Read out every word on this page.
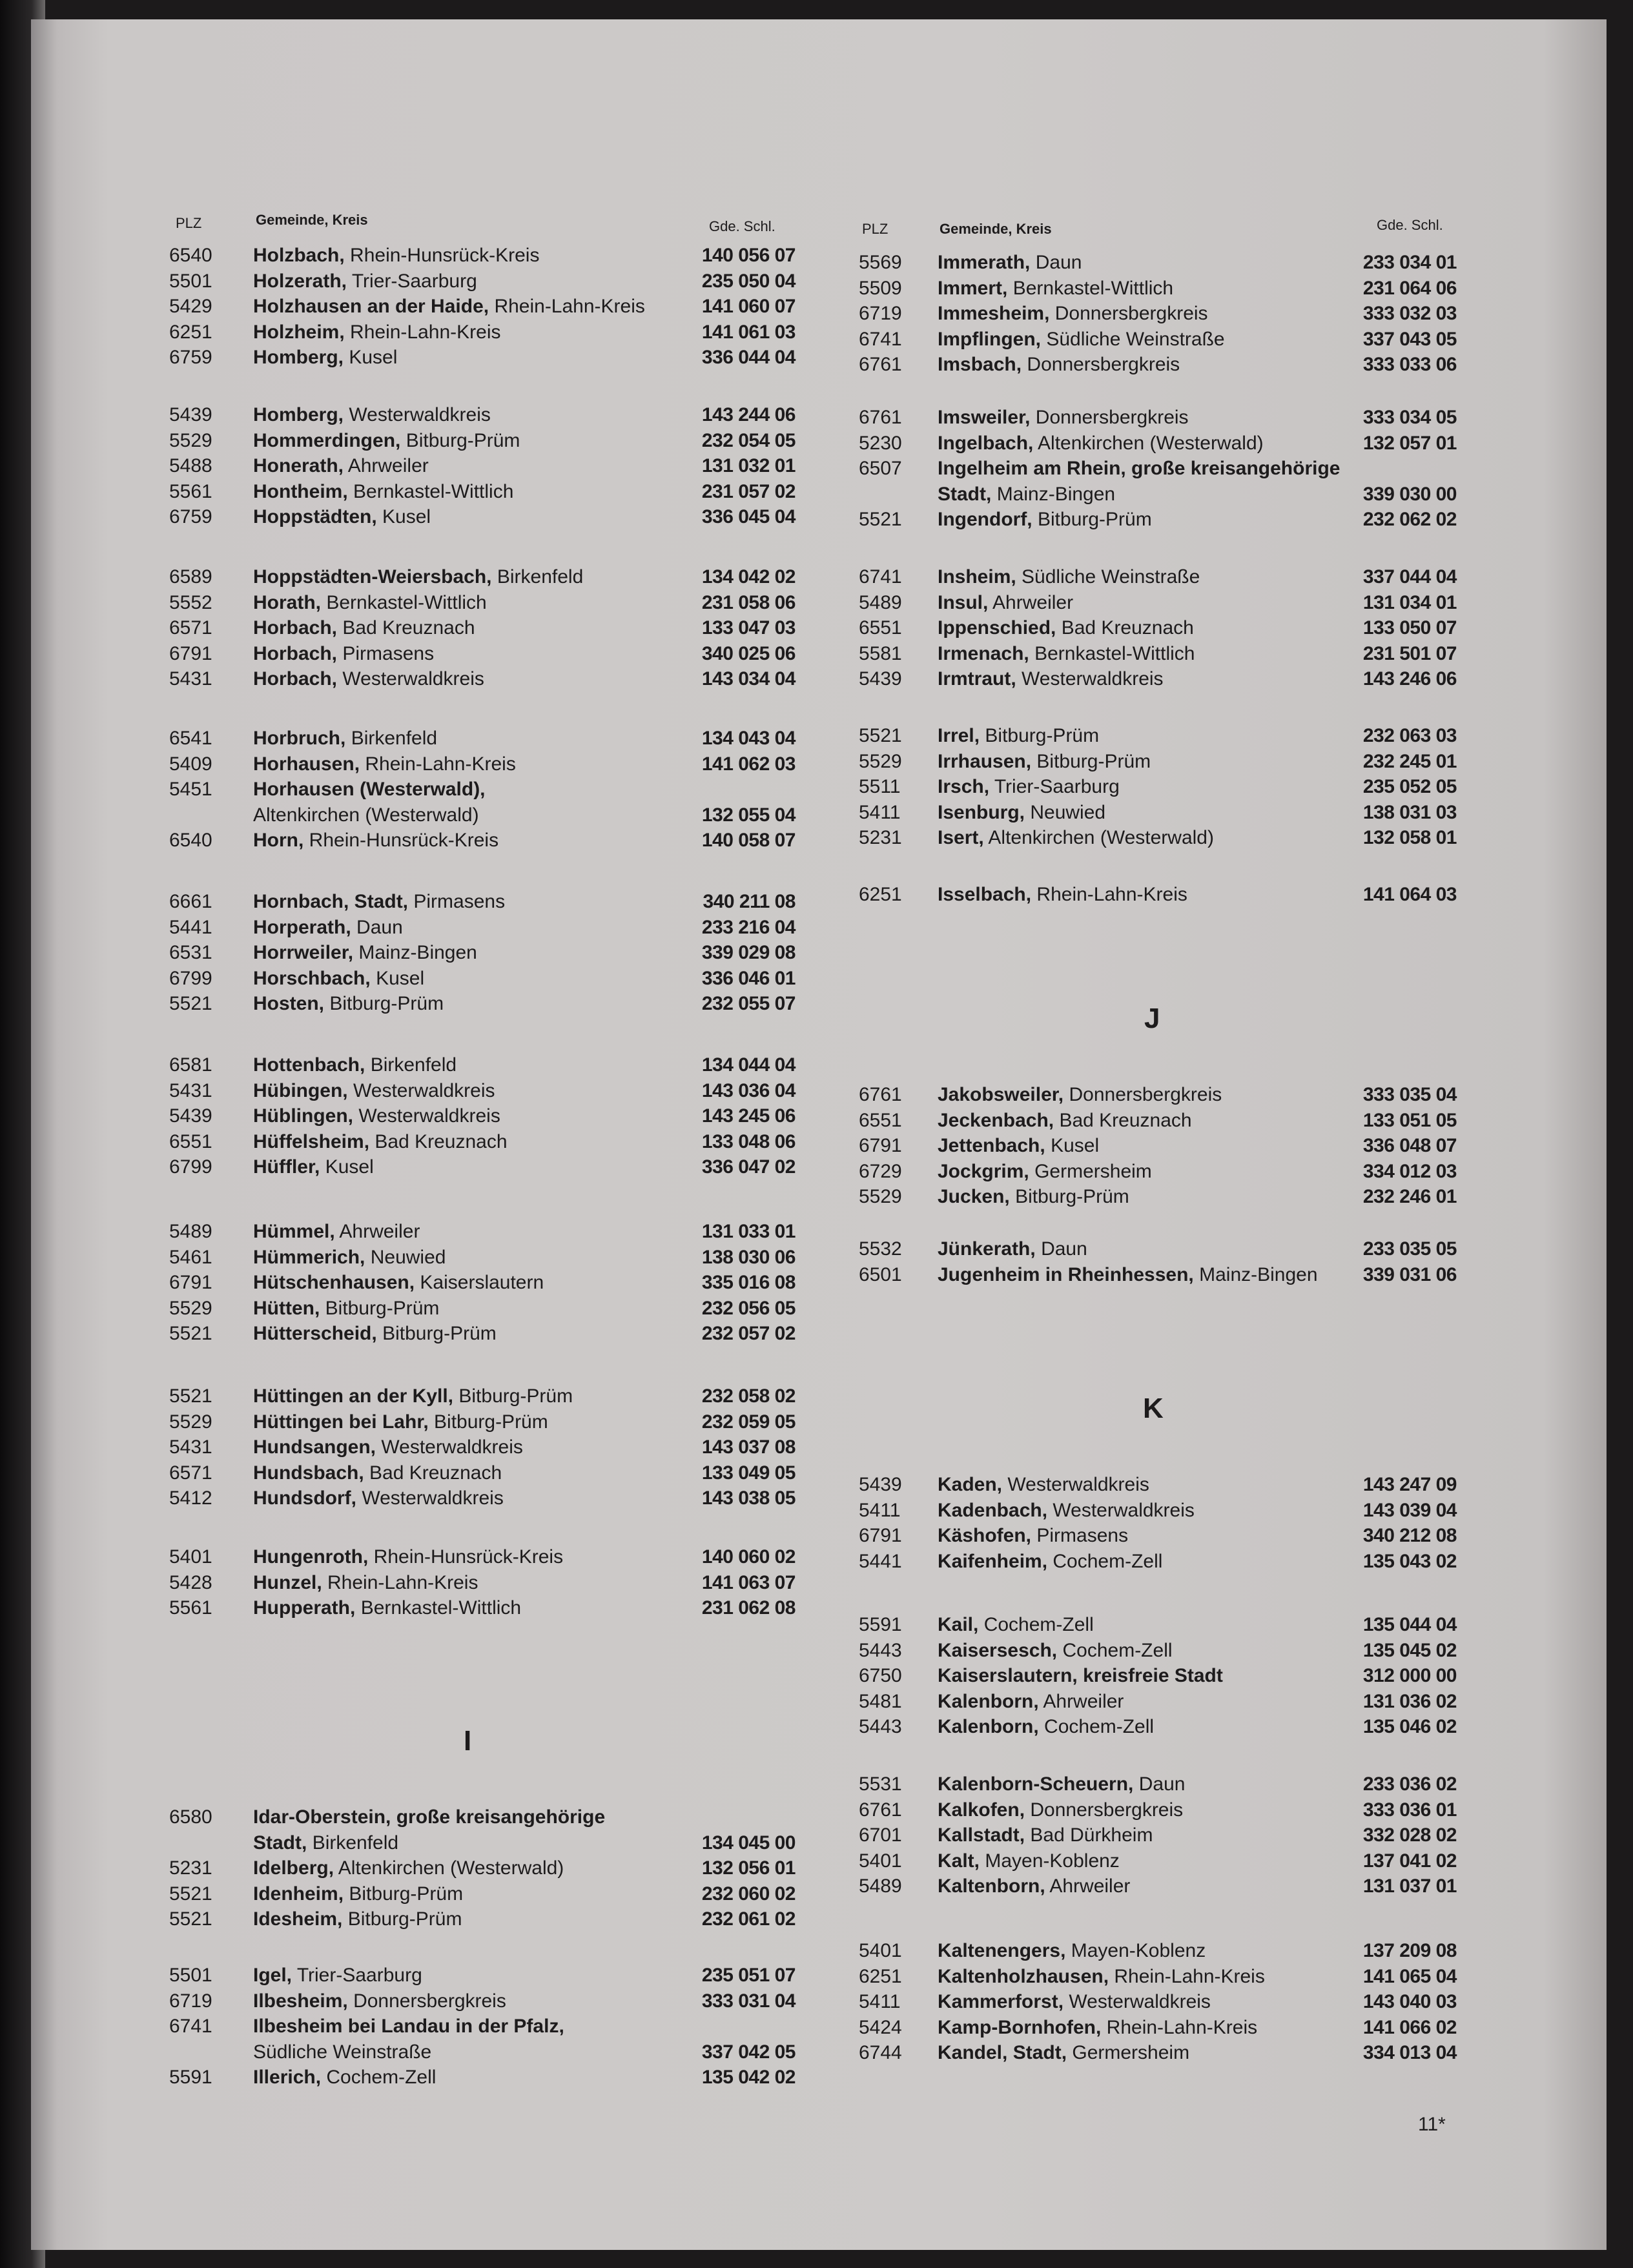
PLZ	Gemeinde, Kreis	Gde. Schl.	PLZ	Gemeinde, Kreis	Gde. Schl.
6540 Holzbach, Rhein-Hunsrück-Kreis	140 056 07
5501 Holzerath, Trier-Saarburg	235 050 04
5429 Holzhausen an der Haide, Rhein-Lahn-Kreis	141 060 07
6251 Holzheim, Rhein-Lahn-Kreis	141 061 03
6759 Homberg, Kusel	336 044 04
5439 Homberg, Westerwaldkreis	143 244 06
5529 Hommerdingen, Bitburg-Prüm	232 054 05
5488 Honerath, Ahrweiler	131 032 01
5561 Hontheim, Bernkastel-Wittlich	231 057 02
6759 Hoppstädten, Kusel	336 045 04
6589 Hoppstädten-Weiersbach, Birkenfeld	134 042 02
5552 Horath, Bernkastel-Wittlich	231 058 06
6571 Horbach, Bad Kreuznach	133 047 03
6791 Horbach, Pirmasens	340 025 06
5431 Horbach, Westerwaldkreis	143 034 04
6541 Horbruch, Birkenfeld	134 043 04
5409 Horhausen, Rhein-Lahn-Kreis	141 062 03
5451 Horhausen (Westerwald),
Altenkirchen (Westerwald)	132 055 04
6540 Horn, Rhein-Hunsrück-Kreis	140 058 07
6661 Hornbach, Stadt, Pirmasens	340 211 08
5441 Horperath, Daun	233 216 04
6531 Horrweiler, Mainz-Bingen	339 029 08
6799 Horschbach, Kusel	336 046 01
5521 Hosten, Bitburg-Prüm	232 055 07
6581 Hottenbach, Birkenfeld	134 044 04
5431 Hübingen, Westerwaldkreis	143 036 04
5439 Hüblingen, Westerwaldkreis	143 245 06
6551 Hüffelsheim, Bad Kreuznach	133 048 06
6799 Hüffler, Kusel	336 047 02
5489 Hümmel, Ahrweiler	131 033 01
5461 Hümmerich, Neuwied	138 030 06
6791 Hütschenhausen, Kaiserslautern	335 016 08
5529 Hütten, Bitburg-Prüm	232 056 05
5521 Hütterscheid, Bitburg-Prüm	232 057 02
5521 Hüttingen an der Kyll, Bitburg-Prüm	232 058 02
5529 Hüttingen bei Lahr, Bitburg-Prüm	232 059 05
5431 Hundsangen, Westerwaldkreis	143 037 08
6571 Hundsbach, Bad Kreuznach	133 049 05
5412 Hundsdorf, Westerwaldkreis	143 038 05
5401 Hungenroth, Rhein-Hunsrück-Kreis	140 060 02
5428 Hunzel, Rhein-Lahn-Kreis	141 063 07
5561 Hupperath, Bernkastel-Wittlich	231 062 08
6580 Idar-Oberstein, große kreisangehörige
Stadt, Birkenfeld	134 045 00
5231 Idelberg, Altenkirchen (Westerwald)	132 056 01
5521 Idenheim, Bitburg-Prüm	232 060 02
5521 Idesheim, Bitburg-Prüm	232 061 02
5501 Igel, Trier-Saarburg	235 051 07
6719 Ilbesheim, Donnersbergkreis	333 031 04
6741 Ilbesheim bei Landau in der Pfalz,
Südliche Weinstraße	337 042 05
5591 Illerich, Cochem-Zell	135 042 02
5569 Immerath, Daun	233 034 01
5509 Immert, Bernkastel-Wittlich	231 064 06
6719 Immesheim, Donnersbergkreis	333 032 03
6741 Impflingen, Südliche Weinstraße	337 043 05
6761 Imsbach, Donnersbergkreis	333 033 06
6761 Imsweiler, Donnersbergkreis	333 034 05
5230 Ingelbach, Altenkirchen (Westerwald)	132 057 01
6507 Ingelheim am Rhein, große kreisangehörige
Stadt, Mainz-Bingen	339 030 00
5521 Ingendorf, Bitburg-Prüm	232 062 02
6741 Insheim, Südliche Weinstraße	337 044 04
5489 Insul, Ahrweiler	131 034 01
6551 Ippenschied, Bad Kreuznach	133 050 07
5581 Irmenach, Bernkastel-Wittlich	231 501 07
5439 Irmtraut, Westerwaldkreis	143 246 06
5521 Irrel, Bitburg-Prüm	232 063 03
5529 Irrhausen, Bitburg-Prüm	232 245 01
5511 Irsch, Trier-Saarburg	235 052 05
5411 Isenburg, Neuwied	138 031 03
5231 Isert, Altenkirchen (Westerwald)	132 058 01
6251 Isselbach, Rhein-Lahn-Kreis	141 064 03
6761 Jakobsweiler, Donnersbergkreis	333 035 04
6551 Jeckenbach, Bad Kreuznach	133 051 05
6791 Jettenbach, Kusel	336 048 07
6729 Jockgrim, Germersheim	334 012 03
5529 Jucken, Bitburg-Prüm	232 246 01
5532 Jünkerath, Daun	233 035 05
6501 Jugenheim in Rheinhessen, Mainz-Bingen 339 031 06
5439 Kaden, Westerwaldkreis	143 247 09
5411 Kadenbach, Westerwaldkreis	143 039 04
6791 Käshofen, Pirmasens	340 212 08
5441 Kaifenheim, Cochem-Zell	135 043 02
5591 Kail, Cochem-Zell	135 044 04
5443 Kaisersesch, Cochem-Zell	135 045 02
6750 Kaiserslautern, kreisfreie Stadt	312 000 00
5481 Kalenborn, Ahrweiler	131 036 02
5443 Kalenborn, Cochem-Zell	135 046 02
5531 Kalenborn-Scheuern, Daun	233 036 02
6761 Kalkofen, Donnersbergkreis	333 036 01
6701 Kallstadt, Bad Dürkheim	332 028 02
5401 Kalt, Mayen-Koblenz	137 041 02
5489 Kaltenborn, Ahrweiler	131 037 01
5401 Kaltenengers, Mayen-Koblenz	137 209 08
6251 Kaltenholzhausen, Rhein-Lahn-Kreis	141 065 04
5411 Kammerforst, Westerwaldkreis	143 040 03
5424 Kamp-Bornhofen, Rhein-Lahn-Kreis	141 066 02
6744 Kandel, Stadt, Germersheim	334 013 04
I
J
K
11*
